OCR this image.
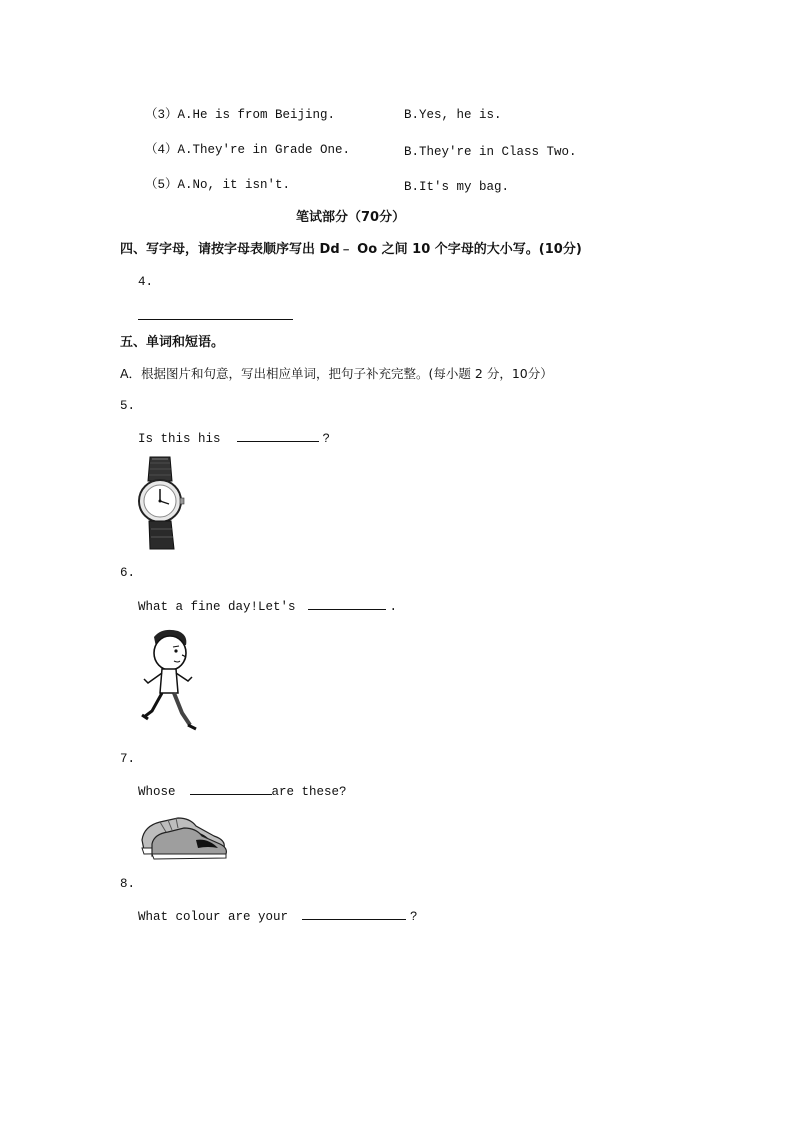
（3）A.He is from Beijing.	B.Yes, he is.
（4）A.They're in Grade One.	B.They're in Class Two.
（5）A.No, it isn't.	B.It's my bag.
笔试部分（70分）
四、写字母，请按字母表顺序写出 Dd﹣ Oo 之间 10 个字母的大小写。(10分)
4.
五、单词和短语。
A．根据图片和句意，写出相应单词，把句子补充完整。(每小题 2 分，10分）
5.
Is this his	?
6.
What a fine day!Let's	.
7.
Whose	are these?
8.
What colour are your	?
